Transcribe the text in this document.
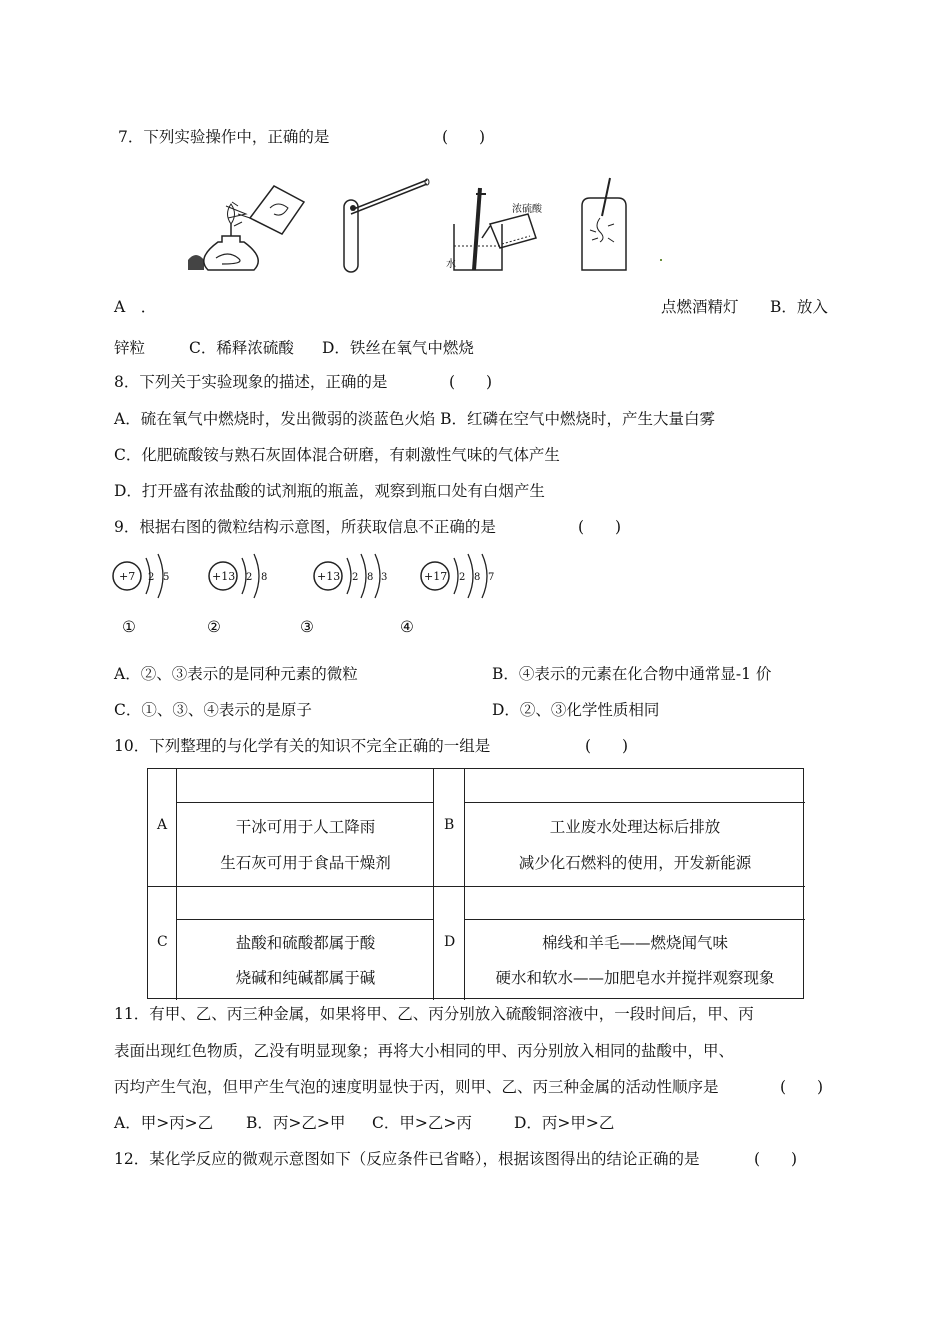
7．下列实验操作中，正确的是	(　　)
浓硫酸
水
A　．	点燃酒精灯 B．放入
锌粒	C．稀释浓硫酸 D．铁丝在氧气中燃烧
8．下列关于实验现象的描述，正确的是	(　　)
A．硫在氧气中燃烧时，发出微弱的淡蓝色火焰 B．红磷在空气中燃烧时，产生大量白雾
C．化肥硫酸铵与熟石灰固体混合研磨，有刺激性气味的气体产生
D．打开盛有浓盐酸的试剂瓶的瓶盖，观察到瓶口处有白烟产生
9．根据右图的微粒结构示意图，所获取信息不正确的是	(　　)
+7 2 5	+13 2 8	+13 2 8 3	+17 2 8 7
①	②	③	④
A．②、③表示的是同种元素的微粒	B．④表示的元素在化合物中通常显-1 价
C．①、③、④表示的是原子	D．②、③化学性质相同
10．下列整理的与化学有关的知识不完全正确的一组是	(　　)
A	干冰可用于人工降雨
生石灰可用于食品干燥剂
B	工业废水处理达标后排放
减少化石燃料的使用，开发新能源
C	盐酸和硫酸都属于酸
烧碱和纯碱都属于碱
D	棉线和羊毛——燃烧闻气味
硬水和软水——加肥皂水并搅拌观察现象
11．有甲、乙、丙三种金属，如果将甲、乙、丙分别放入硫酸铜溶液中，一段时间后，甲、丙
表面出现红色物质，乙没有明显现象；再将大小相同的甲、丙分别放入相同的盐酸中，甲、
丙均产生气泡，但甲产生气泡的速度明显快于丙，则甲、乙、丙三种金属的活动性顺序是	(　　)
A．甲>丙>乙 B．丙>乙>甲 C．甲>乙>丙	D．丙>甲>乙
12．某化学反应的微观示意图如下（反应条件已省略），根据该图得出的结论正确的是	(　　)
